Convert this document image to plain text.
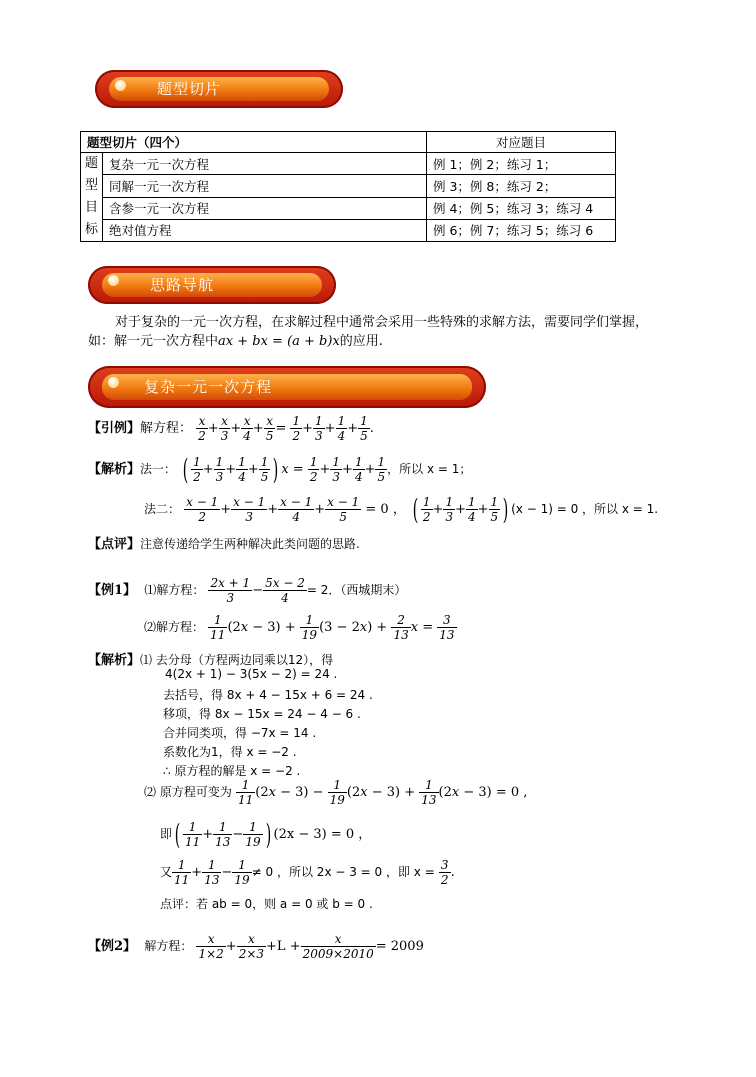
题型切片
题型切片（四个）		对应题目
题
型
目
标	复杂一元一次方程	例 1；例 2；练习 1；
	同解一元一次方程	例 3；例 8；练习 2；
	含参一元一次方程	例 4；例 5；练习 3；练习 4
	绝对值方程	例 6；例 7；练习 5；练习 6
思路导航
对于复杂的一元一次方程，在求解过程中通常会采用一些特殊的求解方法，需要同学们掌握，
如：解一元一次方程中ax + bx = (a + b)x的应用.
复杂一元一次方程
【引例】解方程： $\frac{x}{2} + \frac{x}{3} + \frac{x}{4} + \frac{x}{5} = \frac{1}{2} + \frac{1}{3} + \frac{1}{4} + \frac{1}{5}$ .
【解析】法一： ( $\frac{1}{2} + \frac{1}{3} + \frac{1}{4} + \frac{1}{5}$ ) $x = \frac{1}{2} + \frac{1}{3} + \frac{1}{4} + \frac{1}{5}$ ，所以 x = 1；
法二： $\frac{x - 1}{2} + \frac{x - 1}{3} + \frac{x - 1}{4} + \frac{x - 1}{5} = 0$ ， ( $\frac{1}{2} + \frac{1}{3} + \frac{1}{4} + \frac{1}{5}$ ) (x − 1) = 0 ，所以 x = 1.
【点评】注意传递给学生两种解决此类问题的思路.
【例1】 ⑴解方程： $\frac{2x + 1}{3} - \frac{5x - 2}{4} = 2$．（西城期末）
⑵解方程： $\frac{1}{11} (2x - 3) + \frac{1}{19} (3 - 2x) + \frac{2}{13}$ $x = \frac{3}{13}$
【解析】⑴ 去分母（方程两边同乘以12），得
4(2x + 1) − 3(5x − 2) = 24 .
去括号，得 8x + 4 − 15x + 6 = 24 .
移项，得 8x − 15x = 24 − 4 − 6 .
合并同类项，得 −7x = 14 .
系数化为1，得 x = −2 .
∴ 原方程的解是 x = −2 .
⑵ 原方程可变为 $\frac{1}{11} (2x - 3) - \frac{1}{19} (2x - 3) + \frac{1}{13} (2x - 3) = 0$ ,
即( $\frac{1}{11} + \frac{1}{13} - \frac{1}{19}$ ) (2x − 3) = 0 ，
又 $\frac{1}{11} + \frac{1}{13} - \frac{1}{19} \ne 0$ ，所以 2x − 3 = 0 ，即 $x = \frac{3}{2}$ .
点评：若 ab = 0，则 a = 0 或 b = 0 .
【例2】 解方程： $\frac{x}{1\times 2} + \frac{x}{2\times 3} +L + \frac{x}{2009\times 2010} = 2009$
